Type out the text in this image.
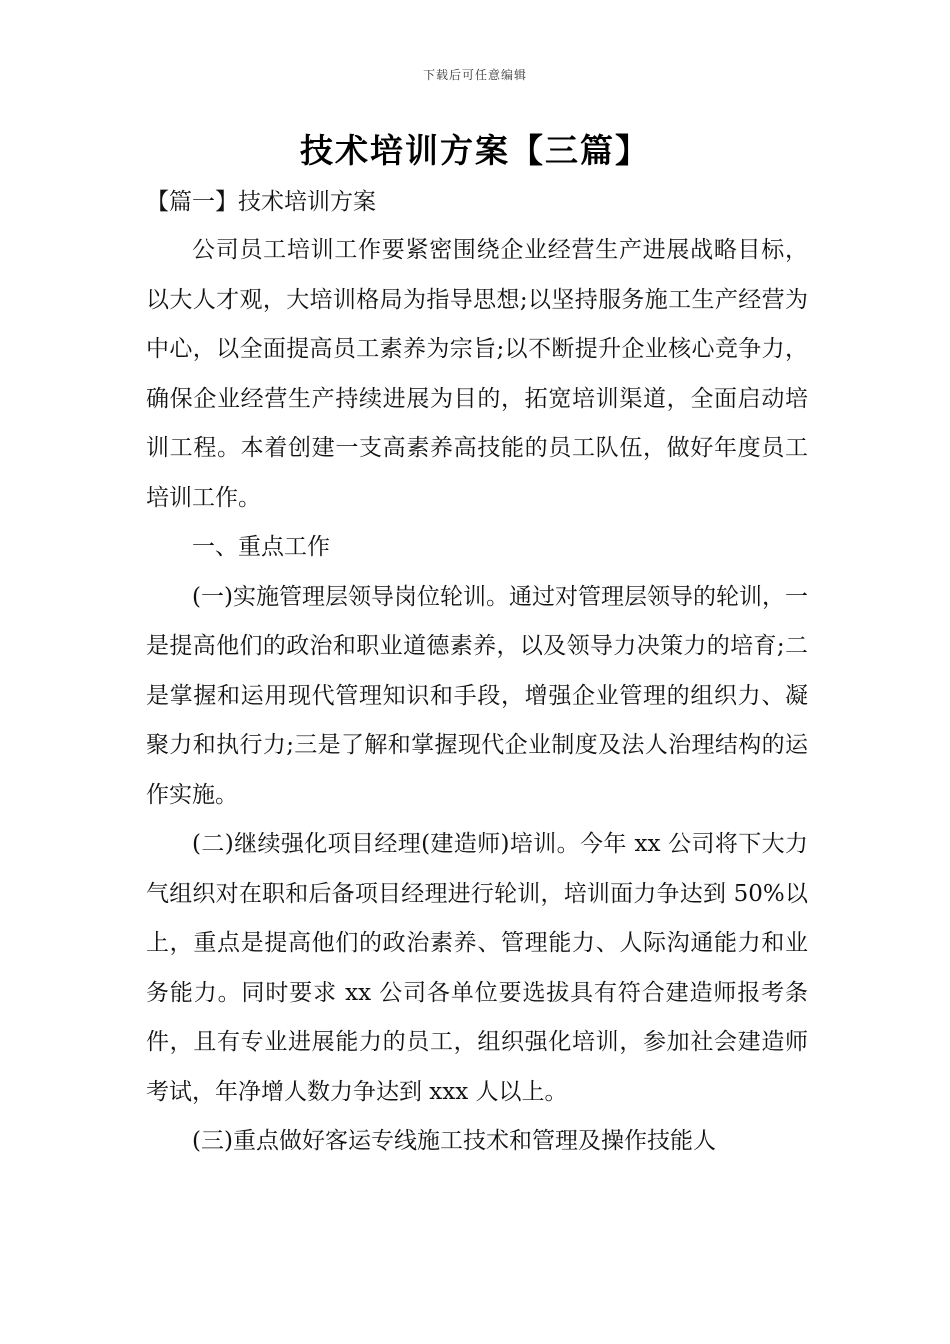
下载后可任意编辑
技术培训方案【三篇】
【篇一】技术培训方案

公司员工培训工作要紧密围绕企业经营生产进展战略目标，以大人才观，大培训格局为指导思想;以坚持服务施工生产经营为中心，以全面提高员工素养为宗旨;以不断提升企业核心竞争力，确保企业经营生产持续进展为目的，拓宽培训渠道，全面启动培训工程。本着创建一支高素养高技能的员工队伍，做好年度员工培训工作。

一、重点工作

(一)实施管理层领导岗位轮训。通过对管理层领导的轮训，一是提高他们的政治和职业道德素养，以及领导力决策力的培育;二是掌握和运用现代管理知识和手段，增强企业管理的组织力、凝聚力和执行力;三是了解和掌握现代企业制度及法人治理结构的运作实施。

(二)继续强化项目经理(建造师)培训。今年 xx 公司将下大力气组织对在职和后备项目经理进行轮训，培训面力争达到 50%以上，重点是提高他们的政治素养、管理能力、人际沟通能力和业务能力。同时要求 xx 公司各单位要选拔具有符合建造师报考条件，且有专业进展能力的员工，组织强化培训，参加社会建造师考试，年净增人数力争达到 xxx 人以上。

(三)重点做好客运专线施工技术和管理及操作技能人
